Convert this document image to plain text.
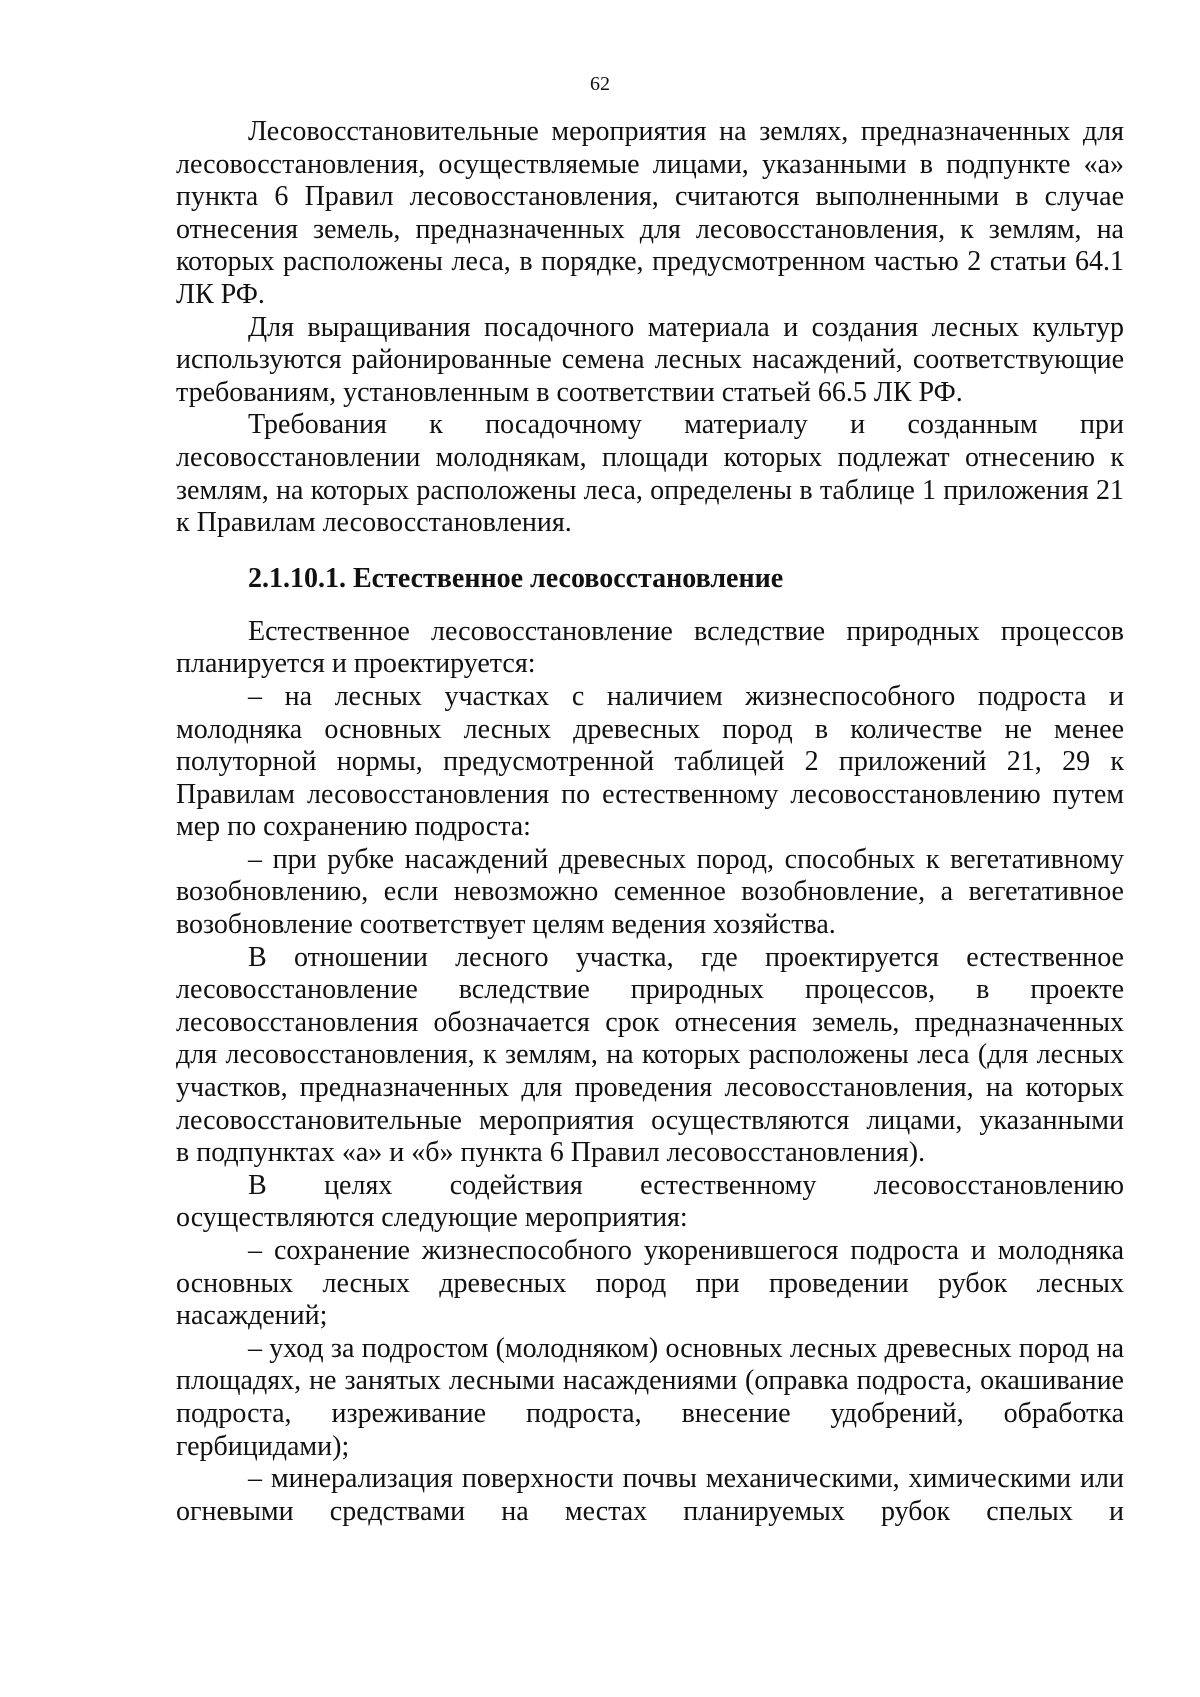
62

Лесовосстановительные мероприятия на землях, предназначенных для лесовосстановления, осуществляемые лицами, указанными в подпункте «а» пункта 6 Правил лесовосстановления, считаются выполненными в случае отнесения земель, предназначенных для лесовосстановления, к землям, на которых расположены леса, в порядке, предусмотренном частью 2 статьи 64.1 ЛК РФ.

Для выращивания посадочного материала и создания лесных культур используются районированные семена лесных насаждений, соответствующие требованиям, установленным в соответствии статьей 66.5 ЛК РФ.

Требования к посадочному материалу и созданным при лесовосстановлении молоднякам, площади которых подлежат отнесению к землям, на которых расположены леса, определены в таблице 1 приложения 21 к Правилам лесовосстановления.

2.1.10.1. Естественное лесовосстановление

Естественное лесовосстановление вследствие природных процессов планируется и проектируется:

– на лесных участках с наличием жизнеспособного подроста и молодняка основных лесных древесных пород в количестве не менее полуторной нормы, предусмотренной таблицей 2 приложений 21, 29 к Правилам лесовосстановления по естественному лесовосстановлению путем мер по сохранению подроста:

– при рубке насаждений древесных пород, способных к вегетативному возобновлению, если невозможно семенное возобновление, а вегетативное возобновление соответствует целям ведения хозяйства.

В отношении лесного участка, где проектируется естественное лесовосстановление вследствие природных процессов, в проекте лесовосстановления обозначается срок отнесения земель, предназначенных для лесовосстановления, к землям, на которых расположены леса (для лесных участков, предназначенных для проведения лесовосстановления, на которых лесовосстановительные мероприятия осуществляются лицами, указанными

в подпунктах «а» и «б» пункта 6 Правил лесовосстановления).

В целях содействия естественному лесовосстановлению осуществляются следующие мероприятия:

– сохранение жизнеспособного укоренившегося подроста и молодняка основных лесных древесных пород при проведении рубок лесных насаждений;

– уход за подростом (молодняком) основных лесных древесных пород на площадях, не занятых лесными насаждениями (оправка подроста, окашивание подроста, изреживание подроста, внесение удобрений, обработка гербицидами);

– минерализация поверхности почвы механическими, химическими или огневыми средствами на местах планируемых рубок спелых и
